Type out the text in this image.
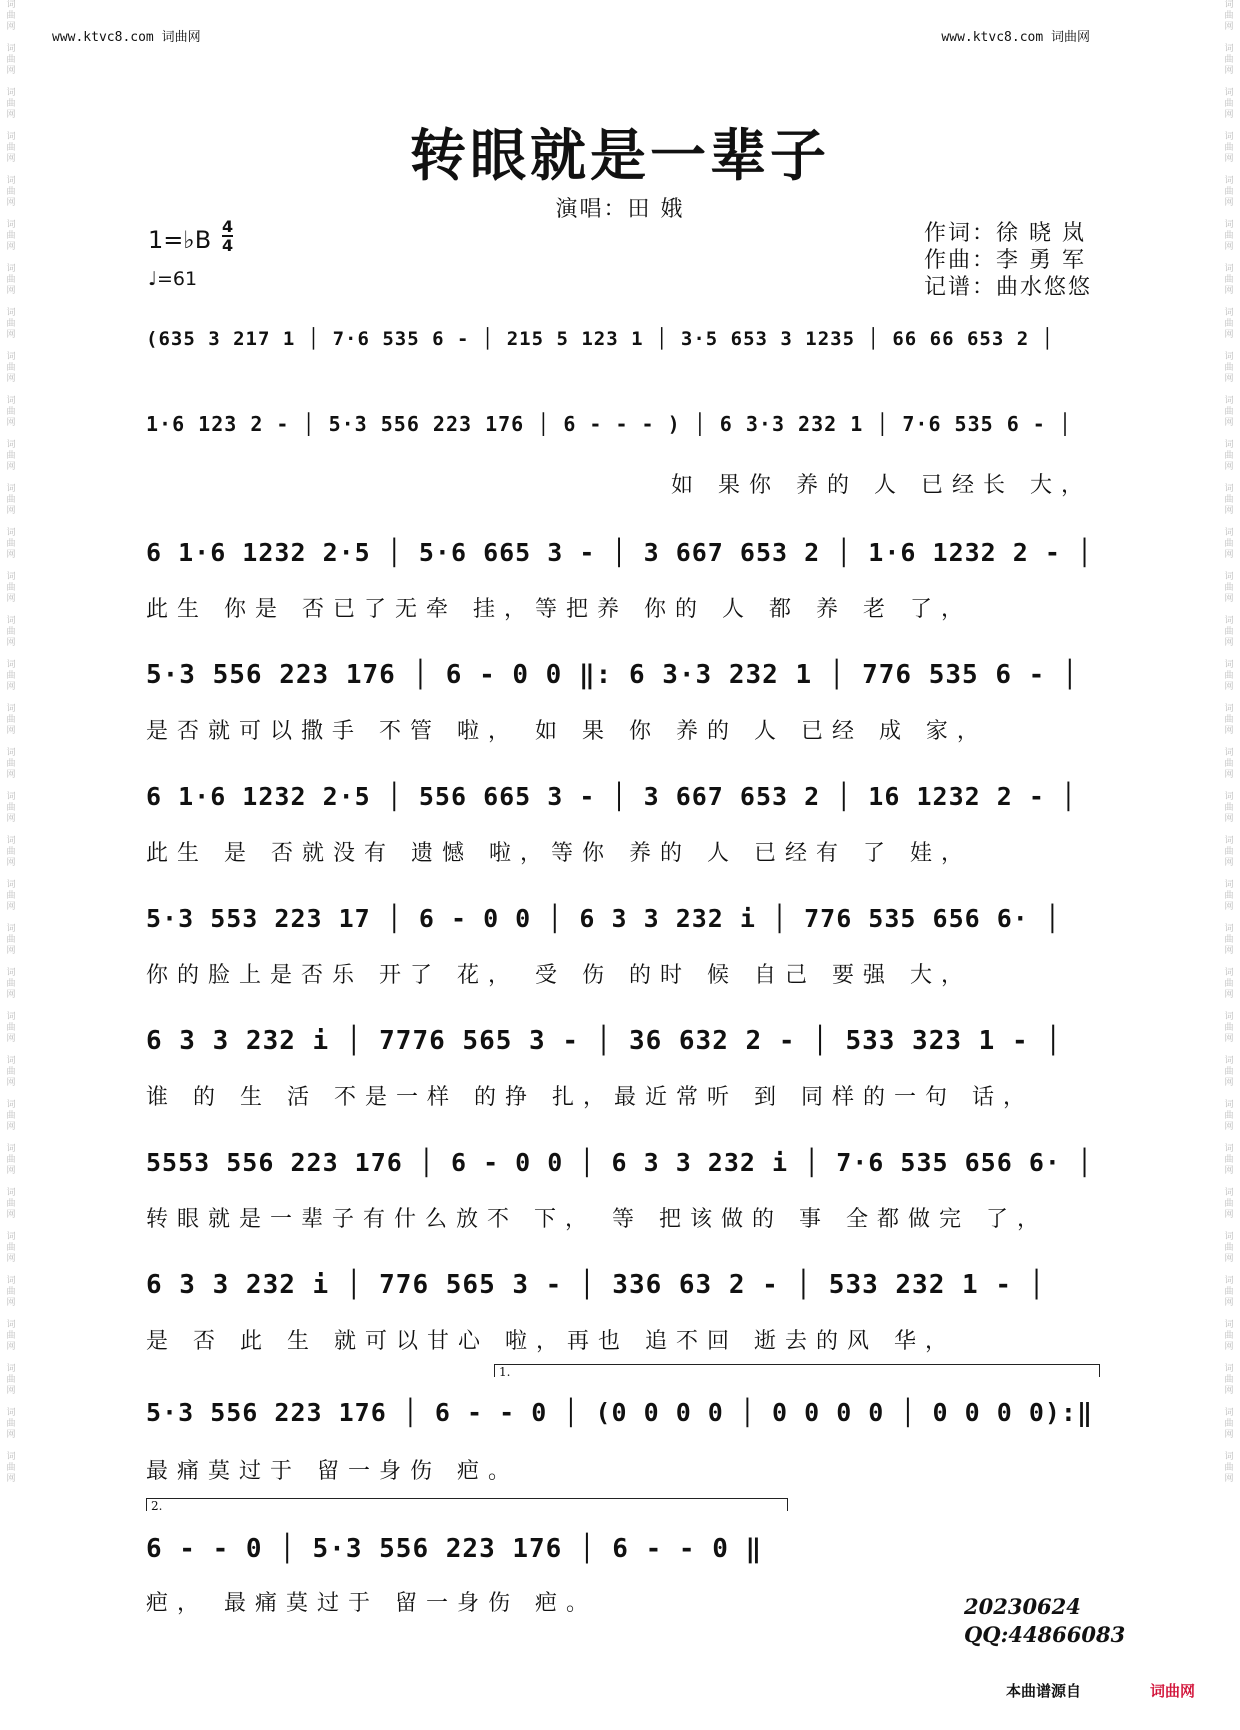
词
曲
网

词
曲
网

词
曲
网

词
曲
网

词
曲
网

词
曲
网

词
曲
网

词
曲
网

词
曲
网

词
曲
网

词
曲
网

词
曲
网

词
曲
网

词
曲
网

词
曲
网

词
曲
网

词
曲
网

词
曲
网

词
曲
网

词
曲
网

词
曲
网

词
曲
网

词
曲
网

词
曲
网

词
曲
网

词
曲
网

词
曲
网

词
曲
网

词
曲
网

词
曲
网

词
曲
网

词
曲
网

词
曲
网

词
曲
网

词
曲
网

词
曲
网

词
曲
网

词
曲
网

词
曲
网

词
曲
网

词
曲
网

词
曲
网

词
曲
网

词
曲
网

词
曲
网

词
曲
网

词
曲
网

词
曲
网

词
曲
网

词
曲
网

词
曲
网

词
曲
网

词
曲
网

词
曲
网

词
曲
网

词
曲
网

词
曲
网

词
曲
网

词
曲
网

词
曲
网

词
曲
网

词
曲
网

词
曲
网

词
曲
网

词
曲
网

词
曲
网

词
曲
网

词
曲
网

www.ktvc8.com 词曲网	www.ktvc8.com 词曲网
转眼就是一辈子
演唱：田 娥
作词：徐 晓 岚
作曲：李 勇 军
记谱：曲水悠悠
1=♭B $\frac{4}{4}$
♩=61
(635 3 217 1 │ 7·6 535 6 - │ 215 5 123 1 │ 3·5 653 3 1235 │ 66 66 653 2 │
1·6 123 2 - │ 5·3 556 223 176 │ 6 - - - ) │ 6 3·3 232 1 │ 7·6 535 6 - │
如 果你 养的 人 已经长 大，
6 1·6 1232 2·5 │ 5·6 665 3 - │ 3 667 653 2 │ 1·6 1232 2 - │
此生 你是 否已了无牵 挂，等把养 你的 人 都 养 老 了，
5·3 556 223 176 │ 6 - 0 0 ‖: 6 3·3 232 1 │ 776 535 6 - │
是否就可以撒手 不管 啦， 如 果 你 养的 人 已经 成 家，
6 1·6 1232 2·5 │ 556 665 3 - │ 3 667 653 2 │ 16 1232 2 - │
此生 是 否就没有 遗憾 啦，等你 养的 人 已经有 了 娃，
5·3 553 223 17 │ 6 - 0 0 │ 6 3 3 232 i │ 776 535 656 6· │
你的脸上是否乐 开了 花， 受 伤 的时 候 自己 要强 大，
6 3 3 232 i │ 7776 565 3 - │ 36 632 2 - │ 533 323 1 - │
谁 的 生 活 不是一样 的挣 扎，最近常听 到 同样的一句 话，
5553 556 223 176 │ 6 - 0 0 │ 6 3 3 232 i │ 7·6 535 656 6· │
转眼就是一辈子有什么放不 下， 等 把该做的 事 全都做完 了，
6 3 3 232 i │ 776 565 3 - │ 336 63 2 - │ 533 232 1 - │
是 否 此 生 就可以甘心 啦，再也 追不回 逝去的风 华，
5·3 556 223 176 │ 6 - - 0 │ (0 0 0 0 │ 0 0 0 0 │ 0 0 0 0):‖
最痛莫过于 留一身伤 疤。
6 - - 0 │ 5·3 556 223 176 │ 6 - - 0 ‖
疤， 最痛莫过于 留一身伤 疤。
1.
2.
20230624
QQ:44866083
本曲谱源自	词曲网
